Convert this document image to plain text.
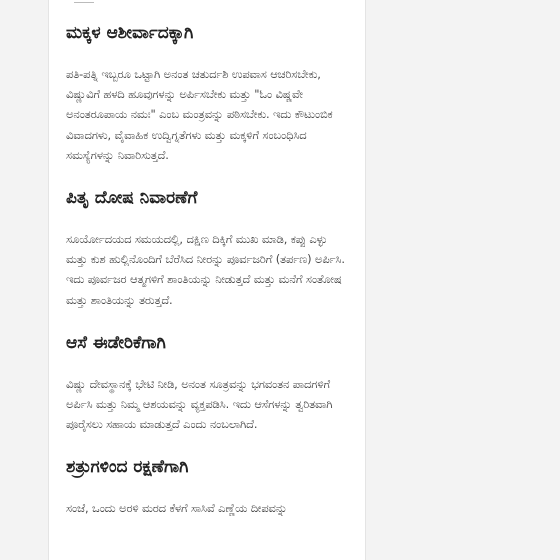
ಮಕ್ಕಳ ಆಶೀರ್ವಾದಕ್ಕಾಗಿ

ಪತಿ-ಪತ್ನಿ ಇಬ್ಬರೂ ಒಟ್ಟಾಗಿ ಅನಂತ ಚತುರ್ದಶಿ ಉಪವಾಸ ಆಚರಿಸಬೇಕು, ವಿಷ್ಣುವಿಗೆ ಹಳದಿ ಹೂವುಗಳನ್ನು ಅರ್ಪಿಸಬೇಕು ಮತ್ತು "ಓಂ ವಿಷ್ಣವೇ ಅನಂತರೂಪಾಯ ನಮಃ" ಎಂಬ ಮಂತ್ರವನ್ನು ಪಠಿಸಬೇಕು. ಇದು ಕೌಟುಂಬಿಕ ವಿವಾದಗಳು, ವೈವಾಹಿಕ ಉದ್ವಿಗ್ನತೆಗಳು ಮತ್ತು ಮಕ್ಕಳಿಗೆ ಸಂಬಂಧಿಸಿದ ಸಮಸ್ಯೆಗಳನ್ನು ನಿವಾರಿಸುತ್ತದೆ.

ಪಿತೃ ದೋಷ ನಿವಾರಣೆಗೆ

ಸೂರ್ಯೋದಯದ ಸಮಯದಲ್ಲಿ, ದಕ್ಷಿಣ ದಿಕ್ಕಿಗೆ ಮುಖ ಮಾಡಿ, ಕಪ್ಪು ಎಳ್ಳು ಮತ್ತು ಕುಶ ಹುಲ್ಲಿನೊಂದಿಗೆ ಬೆರೆಸಿದ ನೀರನ್ನು ಪೂರ್ವಜರಿಗೆ (ತರ್ಪಣ) ಅರ್ಪಿಸಿ. ಇದು ಪೂರ್ವಜರ ಆತ್ಮಗಳಿಗೆ ಶಾಂತಿಯನ್ನು ನೀಡುತ್ತದೆ ಮತ್ತು ಮನೆಗೆ ಸಂತೋಷ ಮತ್ತು ಶಾಂತಿಯನ್ನು ತರುತ್ತದೆ.

ಆಸೆ ಈಡೇರಿಕೆಗಾಗಿ

ವಿಷ್ಣು ದೇವಸ್ಥಾನಕ್ಕೆ ಭೇಟಿ ನೀಡಿ, ಅನಂತ ಸೂತ್ರವನ್ನು ಭಗವಂತನ ಪಾದಗಳಿಗೆ ಅರ್ಪಿಸಿ ಮತ್ತು ನಿಮ್ಮ ಆಶಯವನ್ನು ವ್ಯಕ್ತಪಡಿಸಿ. ಇದು ಆಸೆಗಳನ್ನು ತ್ವರಿತವಾಗಿ ಪೂರೈಸಲು ಸಹಾಯ ಮಾಡುತ್ತದೆ ಎಂದು ನಂಬಲಾಗಿದೆ.

ಶತ್ರುಗಳಿಂದ ರಕ್ಷಣೆಗಾಗಿ

ಸಂಜೆ, ಒಂದು ಅರಳಿ ಮರದ ಕೆಳಗೆ ಸಾಸಿವೆ ಎಣ್ಣೆಯ ದೀಪವನ್ನು
